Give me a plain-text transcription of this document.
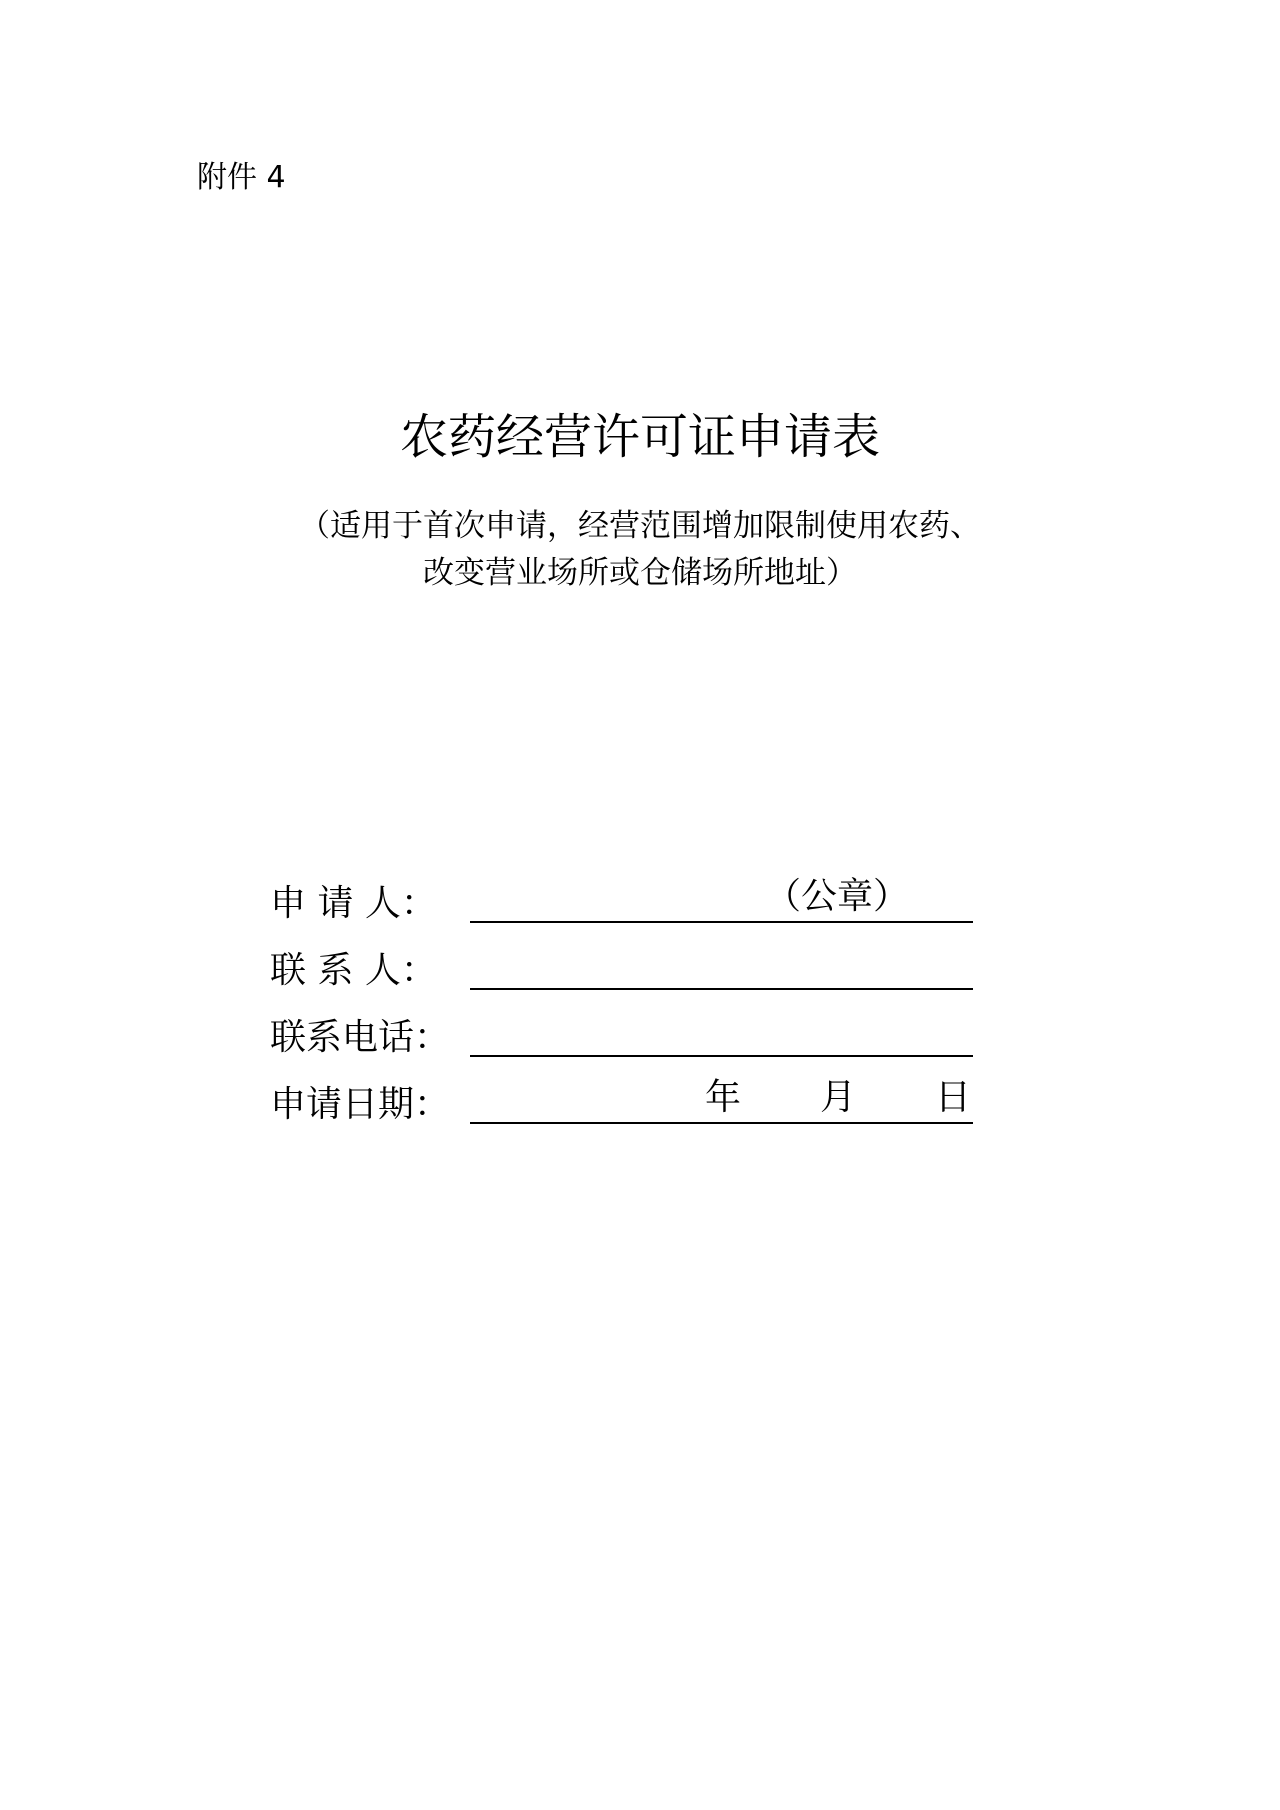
附件 4
农药经营许可证申请表
（适用于首次申请，经营范围增加限制使用农药、
改变营业场所或仓储场所地址）
申 请 人：	（公章）
联 系 人：
联系电话：
申请日期：	年 月 日
